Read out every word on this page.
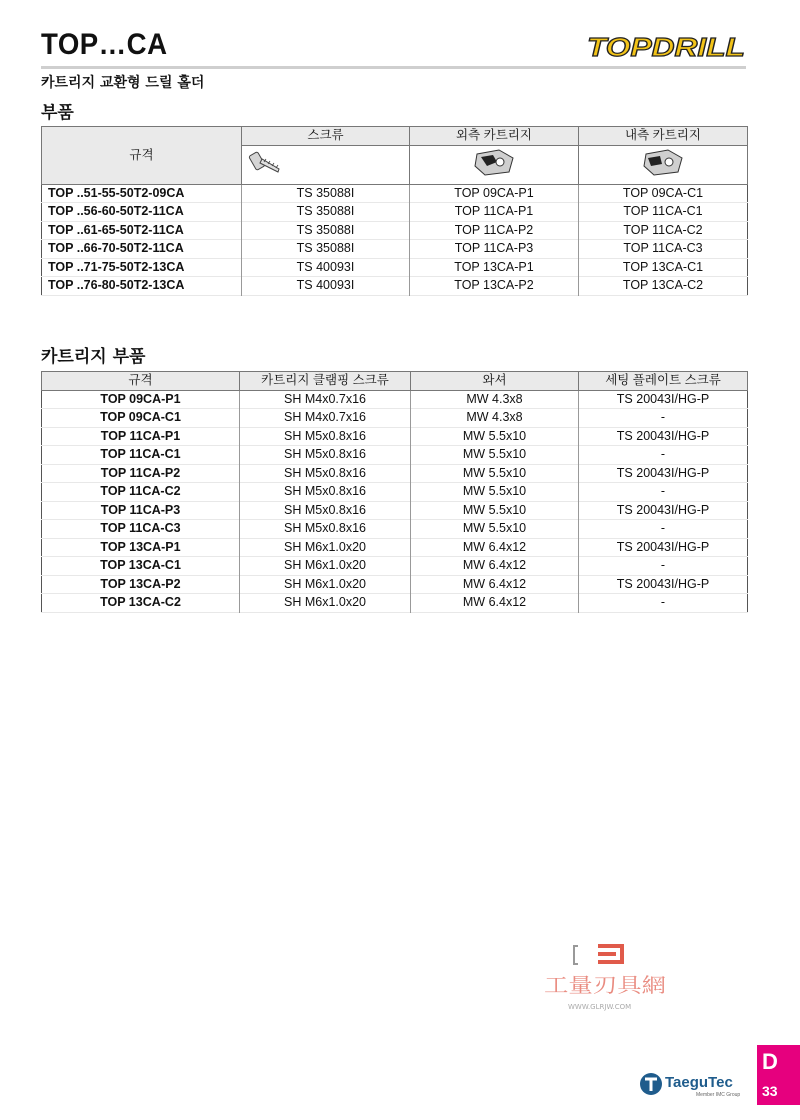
TOP…CA	TOPDRILL
카트리지 교환형 드릴 홀더
부품
규격	스크류	외측 카트리지	내측 카트리지

TOP ..51-55-50T2-09CA	TS 35088I	TOP 09CA-P1	TOP 09CA-C1
TOP ..56-60-50T2-11CA	TS 35088I	TOP 11CA-P1	TOP 11CA-C1
TOP ..61-65-50T2-11CA	TS 35088I	TOP 11CA-P2	TOP 11CA-C2
TOP ..66-70-50T2-11CA	TS 35088I	TOP 11CA-P3	TOP 11CA-C3
TOP ..71-75-50T2-13CA	TS 40093I	TOP 13CA-P1	TOP 13CA-C1
TOP ..76-80-50T2-13CA	TS 40093I	TOP 13CA-P2	TOP 13CA-C2
카트리지 부품
규격	카트리지 클램핑 스크류	와셔	세팅 플레이트 스크류
TOP 09CA-P1	SH M4x0.7x16	MW 4.3x8	TS 20043I/HG-P
TOP 09CA-C1	SH M4x0.7x16	MW 4.3x8	-
TOP 11CA-P1	SH M5x0.8x16	MW 5.5x10	TS 20043I/HG-P
TOP 11CA-C1	SH M5x0.8x16	MW 5.5x10	-
TOP 11CA-P2	SH M5x0.8x16	MW 5.5x10	TS 20043I/HG-P
TOP 11CA-C2	SH M5x0.8x16	MW 5.5x10	-
TOP 11CA-P3	SH M5x0.8x16	MW 5.5x10	TS 20043I/HG-P
TOP 11CA-C3	SH M5x0.8x16	MW 5.5x10	-
TOP 13CA-P1	SH M6x1.0x20	MW 6.4x12	TS 20043I/HG-P
TOP 13CA-C1	SH M6x1.0x20	MW 6.4x12	-
TOP 13CA-P2	SH M6x1.0x20	MW 6.4x12	TS 20043I/HG-P
TOP 13CA-C2	SH M6x1.0x20	MW 6.4x12	-
工量刃具網
WWW.GLRJW.COM
TaeguTec
Member IMC Group
D
33
